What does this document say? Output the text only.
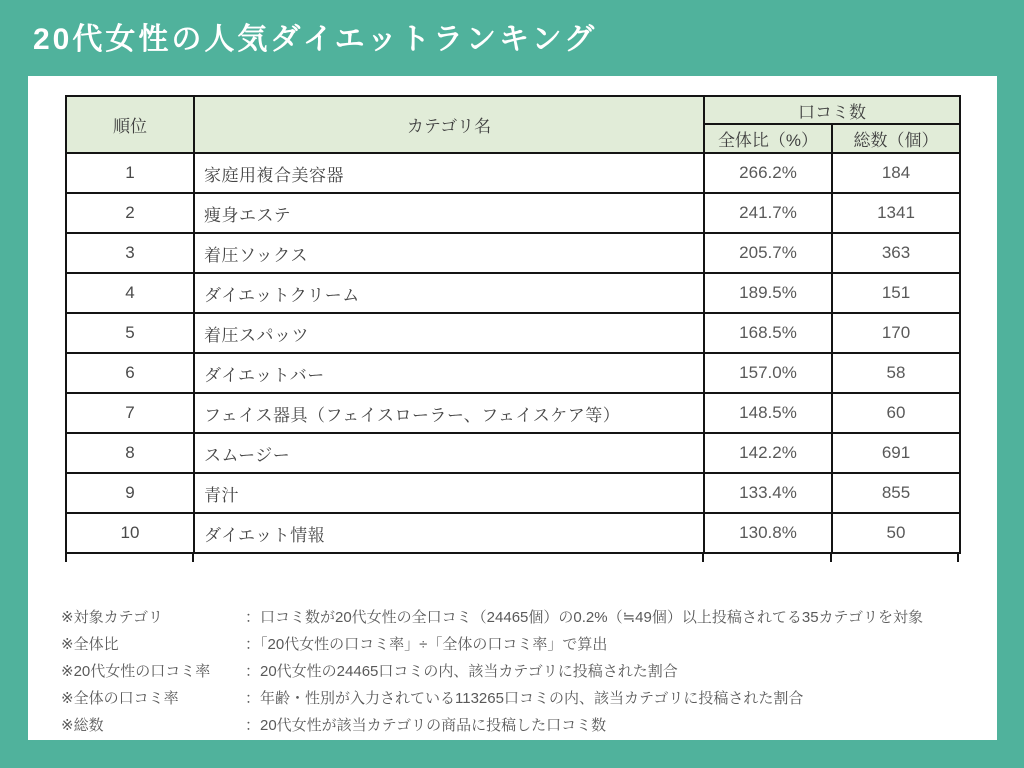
20代女性の人気ダイエットランキング
順位	カテゴリ名	口コミ数	
		全体比（%）	総数（個）
1	家庭用複合美容器	266.2%	184
2	痩身エステ	241.7%	1341
3	着圧ソックス	205.7%	363
4	ダイエットクリーム	189.5%	151
5	着圧スパッツ	168.5%	170
6	ダイエットバー	157.0%	58
7	フェイス器具（フェイスローラー、フェイスケア等）	148.5%	60
8	スムージー	142.2%	691
9	青汁	133.4%	855
10	ダイエット情報	130.8%	50
※対象カテゴリ	：口コミ数が20代女性の全口コミ（24465個）の0.2%（≒49個）以上投稿されてる35カテゴリを対象
※全体比	：「20代女性の口コミ率」÷「全体の口コミ率」で算出
※20代女性の口コミ率	：20代女性の24465口コミの内、該当カテゴリに投稿された割合
※全体の口コミ率	：年齢・性別が入力されている113265口コミの内、該当カテゴリに投稿された割合
※総数	：20代女性が該当カテゴリの商品に投稿した口コミ数
